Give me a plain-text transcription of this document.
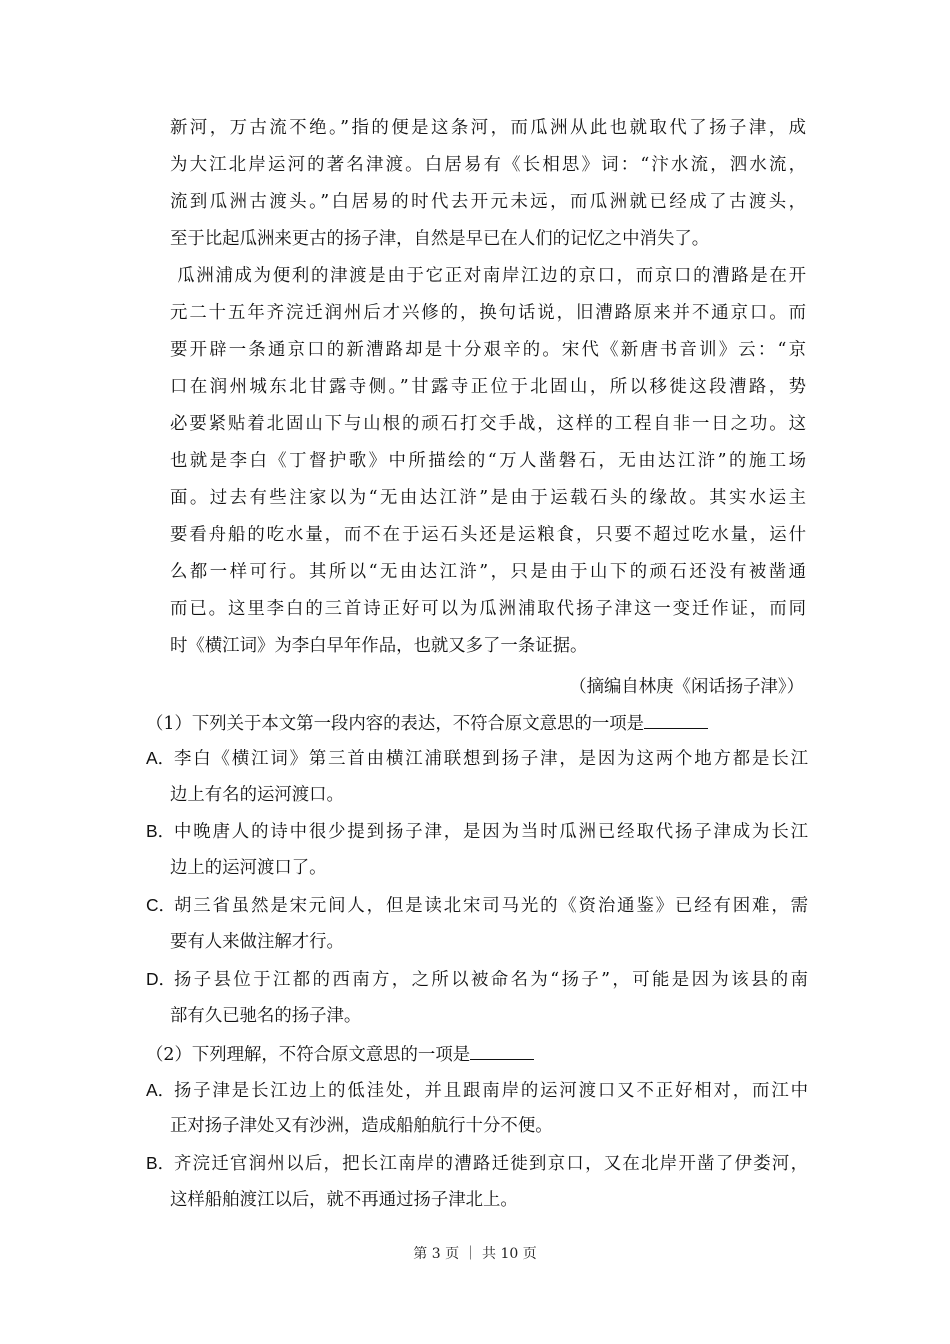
新河，万古流不绝。”指的便是这条河，而瓜洲从此也就取代了扬子津，成
为大江北岸运河的著名津渡。白居易有《长相思》词：“汴水流，泗水流，
流到瓜洲古渡头。”白居易的时代去开元未远，而瓜洲就已经成了古渡头，
至于比起瓜洲来更古的扬子津，自然是早已在人们的记忆之中消失了。
瓜洲浦成为便利的津渡是由于它正对南岸江边的京口，而京口的漕路是在开
元二十五年齐浣迁润州后才兴修的，换句话说，旧漕路原来并不通京口。而
要开辟一条通京口的新漕路却是十分艰辛的。宋代《新唐书音训》云：“京
口在润州城东北甘露寺侧。”甘露寺正位于北固山，所以移徙这段漕路，势
必要紧贴着北固山下与山根的顽石打交手战，这样的工程自非一日之功。这
也就是李白《丁督护歌》中所描绘的“万人凿磐石，无由达江浒”的施工场
面。过去有些注家以为“无由达江浒”是由于运载石头的缘故。其实水运主
要看舟船的吃水量，而不在于运石头还是运粮食，只要不超过吃水量，运什
么都一样可行。其所以“无由达江浒”，只是由于山下的顽石还没有被凿通
而已。这里李白的三首诗正好可以为瓜洲浦取代扬子津这一变迁作证，而同
时《横江词》为李白早年作品，也就又多了一条证据。
（摘编自林庚《闲话扬子津》）
（1）下列关于本文第一段内容的表达，不符合原文意思的一项是
A．李白《横江词》第三首由横江浦联想到扬子津，是因为这两个地方都是长江
边上有名的运河渡口。
B．中晚唐人的诗中很少提到扬子津，是因为当时瓜洲已经取代扬子津成为长江
边上的运河渡口了。
C．胡三省虽然是宋元间人，但是读北宋司马光的《资治通鉴》已经有困难，需
要有人来做注解才行。
D．扬子县位于江都的西南方，之所以被命名为“扬子”，可能是因为该县的南
部有久已驰名的扬子津。
（2）下列理解，不符合原文意思的一项是
A．扬子津是长江边上的低洼处，并且跟南岸的运河渡口又不正好相对，而江中
正对扬子津处又有沙洲，造成船舶航行十分不便。
B．齐浣迁官润州以后，把长江南岸的漕路迁徙到京口，又在北岸开凿了伊娄河，
这样船舶渡江以后，就不再通过扬子津北上。
第 3 页 ｜ 共 10 页
